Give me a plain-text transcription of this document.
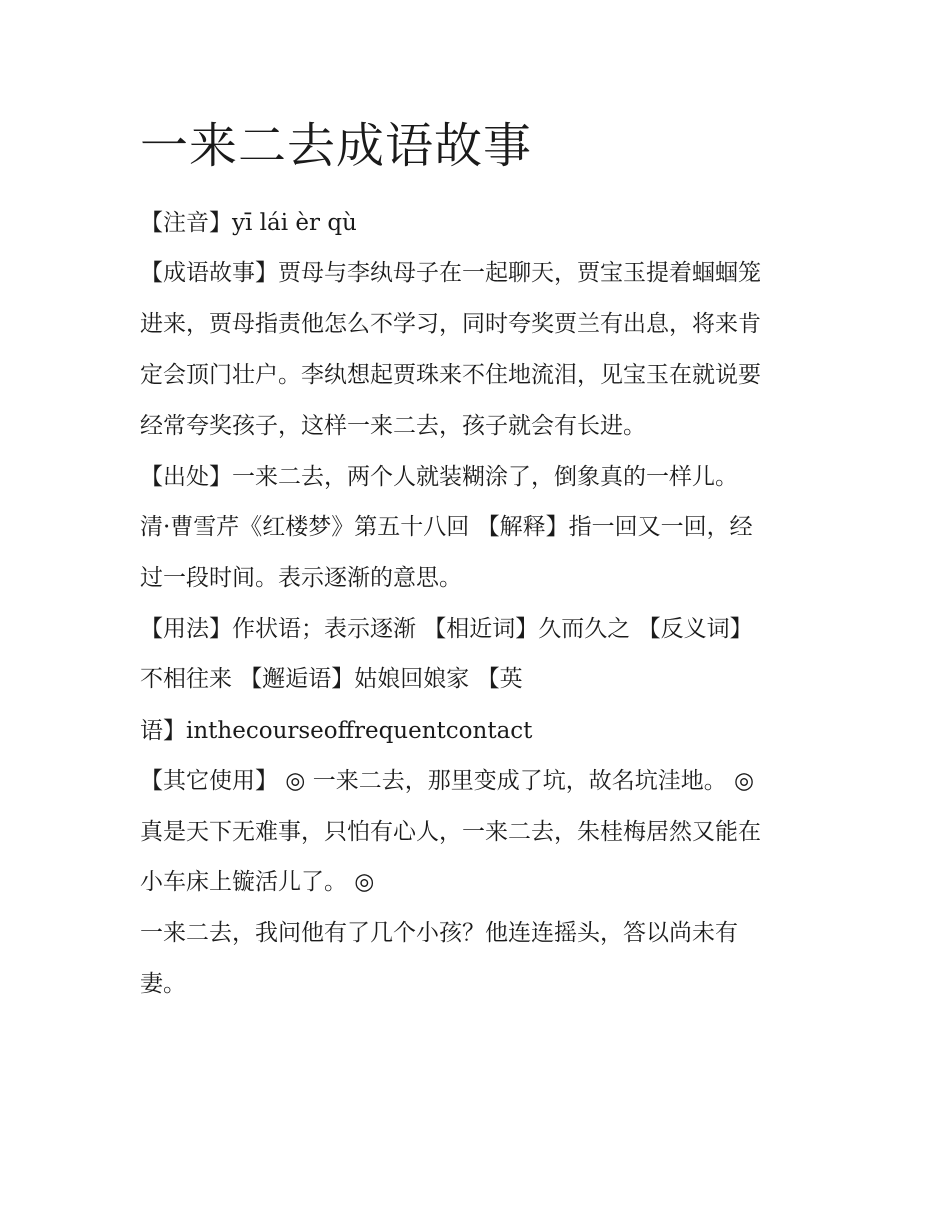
一来二去成语故事
【注音】yī lái èr qù
【成语故事】贾母与李纨母子在一起聊天，贾宝玉提着蝈蝈笼
进来，贾母指责他怎么不学习，同时夸奖贾兰有出息，将来肯
定会顶门壮户。李纨想起贾珠来不住地流泪，见宝玉在就说要
经常夸奖孩子，这样一来二去，孩子就会有长进。
【出处】一来二去，两个人就装糊涂了，倒象真的一样儿。
清·曹雪芹《红楼梦》第五十八回 【解释】指一回又一回，经
过一段时间。表示逐渐的意思。
【用法】作状语；表示逐渐 【相近词】久而久之 【反义词】
不相往来 【邂逅语】姑娘回娘家 【英
语】inthecourseoffrequentcontact
【其它使用】 ◎ 一来二去，那里变成了坑，故名坑洼地。 ◎
真是天下无难事，只怕有心人，一来二去，朱桂梅居然又能在
小车床上镟活儿了。 ◎
一来二去，我问他有了几个小孩？他连连摇头，答以尚未有
妻。
